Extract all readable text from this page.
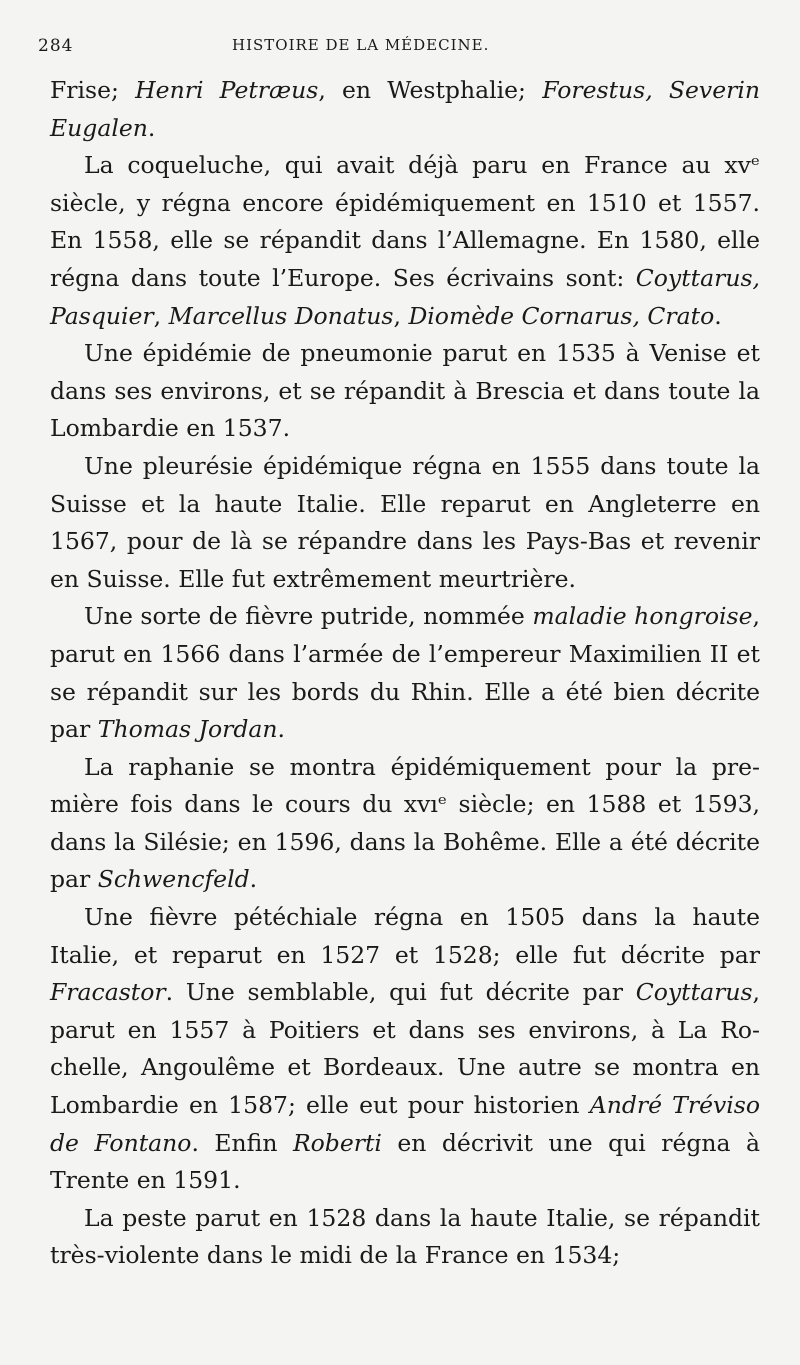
284	HISTOIRE DE LA MÉDECINE.

Frise; Henri Petræus, en Westphalie; Forestus, Severin Eugalen.

La coqueluche, qui avait déjà paru en France au xvᵉ siècle, y régna encore épidémiquement en 1510 et 1557. En 1558, elle se répandit dans l’Allemagne. En 1580, elle régna dans toute l’Europe. Ses écrivains sont: Coyttarus, Pasquier, Marcellus Donatus, Diomède Cornarus, Crato.

Une épidémie de pneumonie parut en 1535 à Venise et dans ses environs, et se répandit à Brescia et dans toute la Lombardie en 1537.

Une pleurésie épidémique régna en 1555 dans toute la Suisse et la haute Italie. Elle reparut en Angleterre en 1567, pour de là se répandre dans les Pays-Bas et revenir en Suisse. Elle fut extrêmement meurtrière.

Une sorte de fièvre putride, nommée maladie hongroise, parut en 1566 dans l’armée de l’empereur Maximilien II et se répandit sur les bords du Rhin. Elle a été bien décrite par Thomas Jordan.

La raphanie se montra épidémiquement pour la première fois dans le cours du xvıᵉ siècle; en 1588 et 1593, dans la Silésie; en 1596, dans la Bohême. Elle a été décrite par Schwencfeld.

Une fièvre pétéchiale régna en 1505 dans la haute Italie, et reparut en 1527 et 1528; elle fut décrite par Fracastor. Une semblable, qui fut décrite par Coyttarus, parut en 1557 à Poitiers et dans ses environs, à La Rochelle, Angoulême et Bordeaux. Une autre se montra en Lombardie en 1587; elle eut pour historien André Tréviso de Fontano. Enfin Roberti en décrivit une qui régna à Trente en 1591.

La peste parut en 1528 dans la haute Italie, se répandit très-violente dans le midi de la France en 1534;
